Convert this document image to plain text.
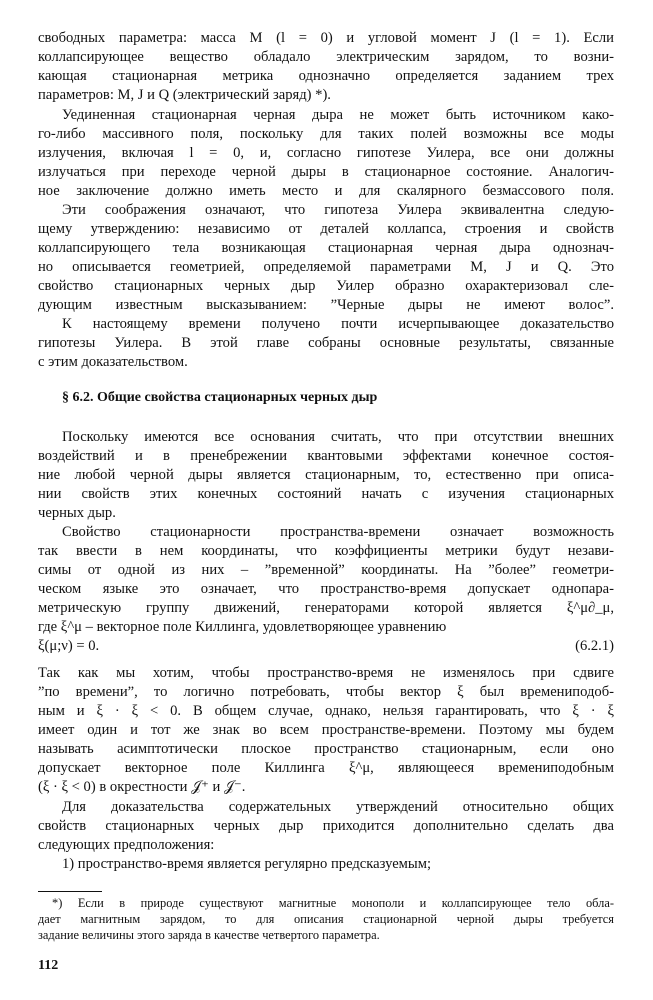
свободных параметра: масса M (l = 0) и угловой момент J (l = 1). Если
коллапсирующее вещество обладало электрическим зарядом, то возни-
кающая стационарная метрика однозначно определяется заданием трех
параметров: M, J и Q (электрический заряд) *).
Уединенная стационарная черная дыра не может быть источником како-
го-либо массивного поля, поскольку для таких полей возможны все моды
излучения, включая l = 0, и, согласно гипотезе Уилера, все они должны
излучаться при переходе черной дыры в стационарное состояние. Аналогич-
ное заключение должно иметь место и для скалярного безмассового поля.
Эти соображения означают, что гипотеза Уилера эквивалентна следую-
щему утверждению: независимо от деталей коллапса, строения и свойств
коллапсирующего тела возникающая стационарная черная дыра однознач-
но описывается геометрией, определяемой параметрами M, J и Q. Это
свойство стационарных черных дыр Уилер образно охарактеризовал сле-
дующим известным высказыванием: ”Черные дыры не имеют волос”.
К настоящему времени получено почти исчерпывающее доказательство
гипотезы Уилера. В этой главе собраны основные результаты, связанные
с этим доказательством.
§ 6.2. Общие свойства стационарных черных дыр
Поскольку имеются все основания считать, что при отсутствии внешних
воздействий и в пренебрежении квантовыми эффектами конечное состоя-
ние любой черной дыры является стационарным, то, естественно при описа-
нии свойств этих конечных состояний начать с изучения стационарных
черных дыр.
Свойство стационарности пространства-времени означает возможность
так ввести в нем координаты, что коэффициенты метрики будут незави-
симы от одной из них – ”временной” координаты. На ”более” геометри-
ческом языке это означает, что пространство-время допускает однопара-
метрическую группу движений, генераторами которой является ξ^μ∂_μ,
где ξ^μ – векторное поле Киллинга, удовлетворяющее уравнению
ξ(μ;ν) = 0.	(6.2.1)
Так как мы хотим, чтобы пространство-время не изменялось при сдвиге
”по времени”, то логично потребовать, чтобы вектор ξ был времениподоб-
ным и ξ · ξ < 0. В общем случае, однако, нельзя гарантировать, что ξ · ξ
имеет один и тот же знак во всем пространстве-времени. Поэтому мы будем
называть асимптотически плоское пространство стационарным, если оно
допускает векторное поле Киллинга ξ^μ, являющееся времениподобным
(ξ · ξ < 0) в окрестности 𝒥⁺ и 𝒥⁻.
Для доказательства содержательных утверждений относительно общих
свойств стационарных черных дыр приходится дополнительно сделать два
следующих предположения:
1) пространство-время является регулярно предсказуемым;
*) Если в природе существуют магнитные монополи и коллапсирующее тело обла-
дает магнитным зарядом, то для описания стационарной черной дыры требуется
задание величины этого заряда в качестве четвертого параметра.
112
